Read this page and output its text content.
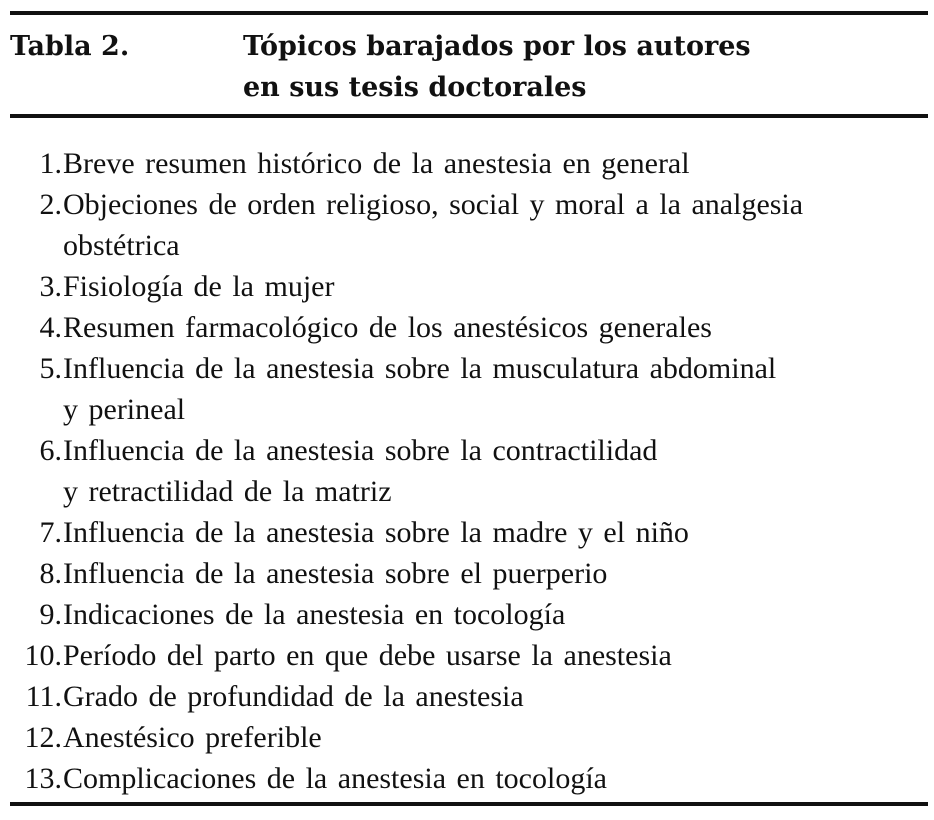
Tabla 2.	Tópicos barajados por los autores
en sus tesis doctorales
1. Breve resumen histórico de la anestesia en general
2. Objeciones de orden religioso, social y moral a la analgesia
obstétrica
3. Fisiología de la mujer
4. Resumen farmacológico de los anestésicos generales
5. Influencia de la anestesia sobre la musculatura abdominal
y perineal
6. Influencia de la anestesia sobre la contractilidad
y retractilidad de la matriz
7. Influencia de la anestesia sobre la madre y el niño
8. Influencia de la anestesia sobre el puerperio
9. Indicaciones de la anestesia en tocología
10. Período del parto en que debe usarse la anestesia
11. Grado de profundidad de la anestesia
12. Anestésico preferible
13. Complicaciones de la anestesia en tocología
